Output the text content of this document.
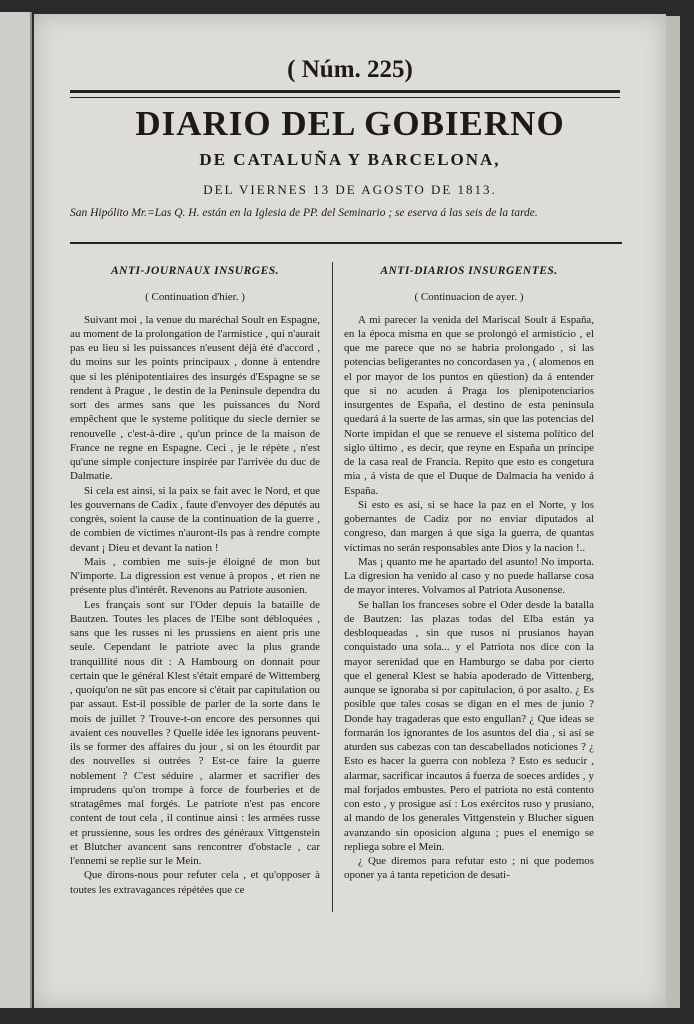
( Núm. 225)
DIARIO DEL GOBIERNO
DE CATALUÑA Y BARCELONA,
DEL VIERNES 13 DE AGOSTO DE 1813.
San Hipólito Mr.=Las Q. H. están en la Iglesia de PP. del Seminario ; se eserva á las seis de la tarde.
ANTI-JOURNAUX INSURGES.
( Continuation d'hier. )

Suivant moi , la venue du maréchal Soult en Espagne, au moment de la prolongation de l'armistice , qui n'aurait pas eu lieu si les puissances n'eusent déjà été d'accord , du moins sur les points principaux , donne à entendre que si les plénipotentiaires des insurgés d'Espagne se se rendent à Prague , le destin de la Peninsule dependra du sort des armes sans que les puissances du Nord empêchent que le systeme politique du siecle dernier se renouvelle , c'est-à-dire , qu'un prince de la maison de France ne regne en Espagne. Ceci , je le répète , n'est qu'une simple conjecture inspirée par l'arrivée du duc de Dalmatie.

Si cela est ainsi, si la paix se fait avec le Nord, et que les gouvernans de Cadix , faute d'envoyer des députés au congrès, soient la cause de la continuation de la guerre , de combien de victimes n'auront-ils pas à rendre compte devant ¡ Dieu et devant la nation !

Mais , combien me suis-je éloigné de mon but N'importe. La digression est venue à propos , et rien ne présente plus d'intérêt. Revenons au Patriote ausonien.

Les français sont sur l'Oder depuis la bataille de Bautzen. Toutes les places de l'Elbe sont débloquées , sans que les russes ni les prussiens en aient pris une seule. Cependant le patriote avec la plus grande tranquillité nous dit : A Hambourg on donnait pour certain que le général Klest s'était emparé de Wittemberg , quoiqu'on ne sût pas encore si c'était par capitulation ou par assaut. Est-il possible de parler de la sorte dans le mois de juillet ? Trouve-t-on encore des personnes qui avaient ces nouvelles ? Quelle idée les ignorans peuvent-ils se former des affaires du jour , si on les étourdit par des nouvelles si outrées ? Est-ce faire la guerre noblement ? C'est séduire , alarmer et sacrifier des imprudens qu'on trompe à force de fourberies et de stratagêmes mal forgés. Le patriote n'est pas encore content de tout cela , il continue ainsi : les armées russe et prussienne, sous les ordres des généraux Vittgenstein et Blutcher avancent sans rencontrer d'obstacle , car l'ennemi se replie sur le Mein.

Que dirons-nous pour refuter cela , et qu'opposer à toutes les extravagances répétées que ce

ANTI-DIARIOS INSURGENTES.
( Continuacion de ayer. )

A mi parecer la venida del Mariscal Soult á España, en la época misma en que se prolongó el armisticio , el que me parece que no se habria prolongado , si las potencias beligerantes no concordasen ya , ( alomenos en el por mayor de los puntos en qüestion) da á entender que si no acuden á Praga los plenipotenciarios insurgentes de España, el destino de esta peninsula quedará á la suerte de las armas, sin que las potencias del Norte impidan el que se renueve el sistema político del siglo último , es decir, que reyne en España un príncipe de la casa real de Francia. Repito que esto es congetura mia , á vista de que el Duque de Dalmacia ha venido á España.

Si esto es así, si se hace la paz en el Norte, y los gobernantes de Cadiz por no enviar diputados al congreso, dan margen á que siga la guerra, de quantas víctimas no serán responsables ante Dios y la nacion !..

Mas ¡ quanto me he apartado del asunto! No importa. La digresion ha venido al caso y no puede hallarse cosa de mayor interes. Volvamos al Patriota Ausonense.

Se hallan los franceses sobre el Oder desde la batalla de Bautzen: las plazas todas del Elba están ya desbloqueadas , sin que rusos ni prusianos hayan conquistado una sola... y el Patriota nos dice con la mayor serenidad que en Hamburgo se daba por cierto que el general Klest se habia apoderado de Vittenberg, aunque se ignoraba si por capitulacion, ó por asalto. ¿ Es posible que tales cosas se digan en el mes de junio ? Donde hay tragaderas que esto engullan? ¿ Que ideas se formarán los ignorantes de los asuntos del dia , si así se aturden sus cabezas con tan descabellados noticiones ? ¿ Esto es hacer la guerra con nobleza ? Esto es seducir , alarmar, sacrificar incautos á fuerza de soeces ardides , y mal forjados embustes. Pero el patriota no está contento con esto , y prosigue así : Los exércitos ruso y prusiano, al mando de los generales Vittgenstein y Blucher siguen avanzando sin oposicion alguna ; pues el enemigo se repliega sobre el Mein.

¿ Que diremos para refutar esto ; ni que podemos oponer ya á tanta repeticion de desati-
